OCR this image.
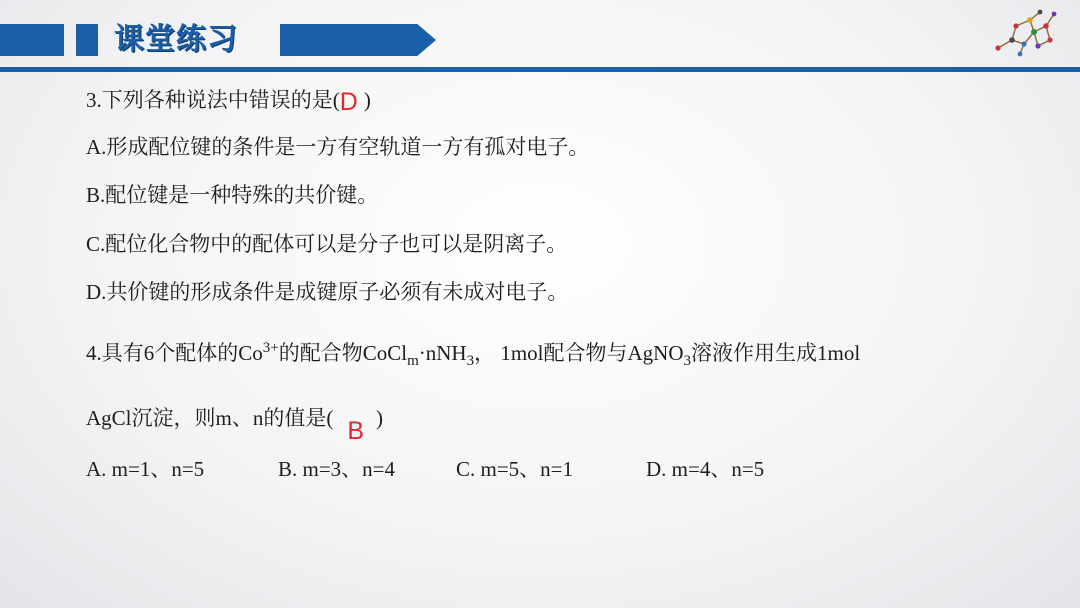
课堂练习
3.下列各种说法中错误的是(D )
A.形成配位键的条件是一方有空轨道一方有孤对电子。
B.配位键是一种特殊的共价键。
C.配位化合物中的配体可以是分子也可以是阴离子。
D.共价键的形成条件是成键原子必须有未成对电子。
4.具有6个配体的$Co^{3+}$的配合物CoCl$_m$·nNH$_3$， 1mol配合物与AgNO$_3$溶液作用生成1mol
AgCl沉淀，则m、n的值是( B )
A. m=1、n=5	B. m=3、n=4	C. m=5、n=1	D. m=4、n=5
